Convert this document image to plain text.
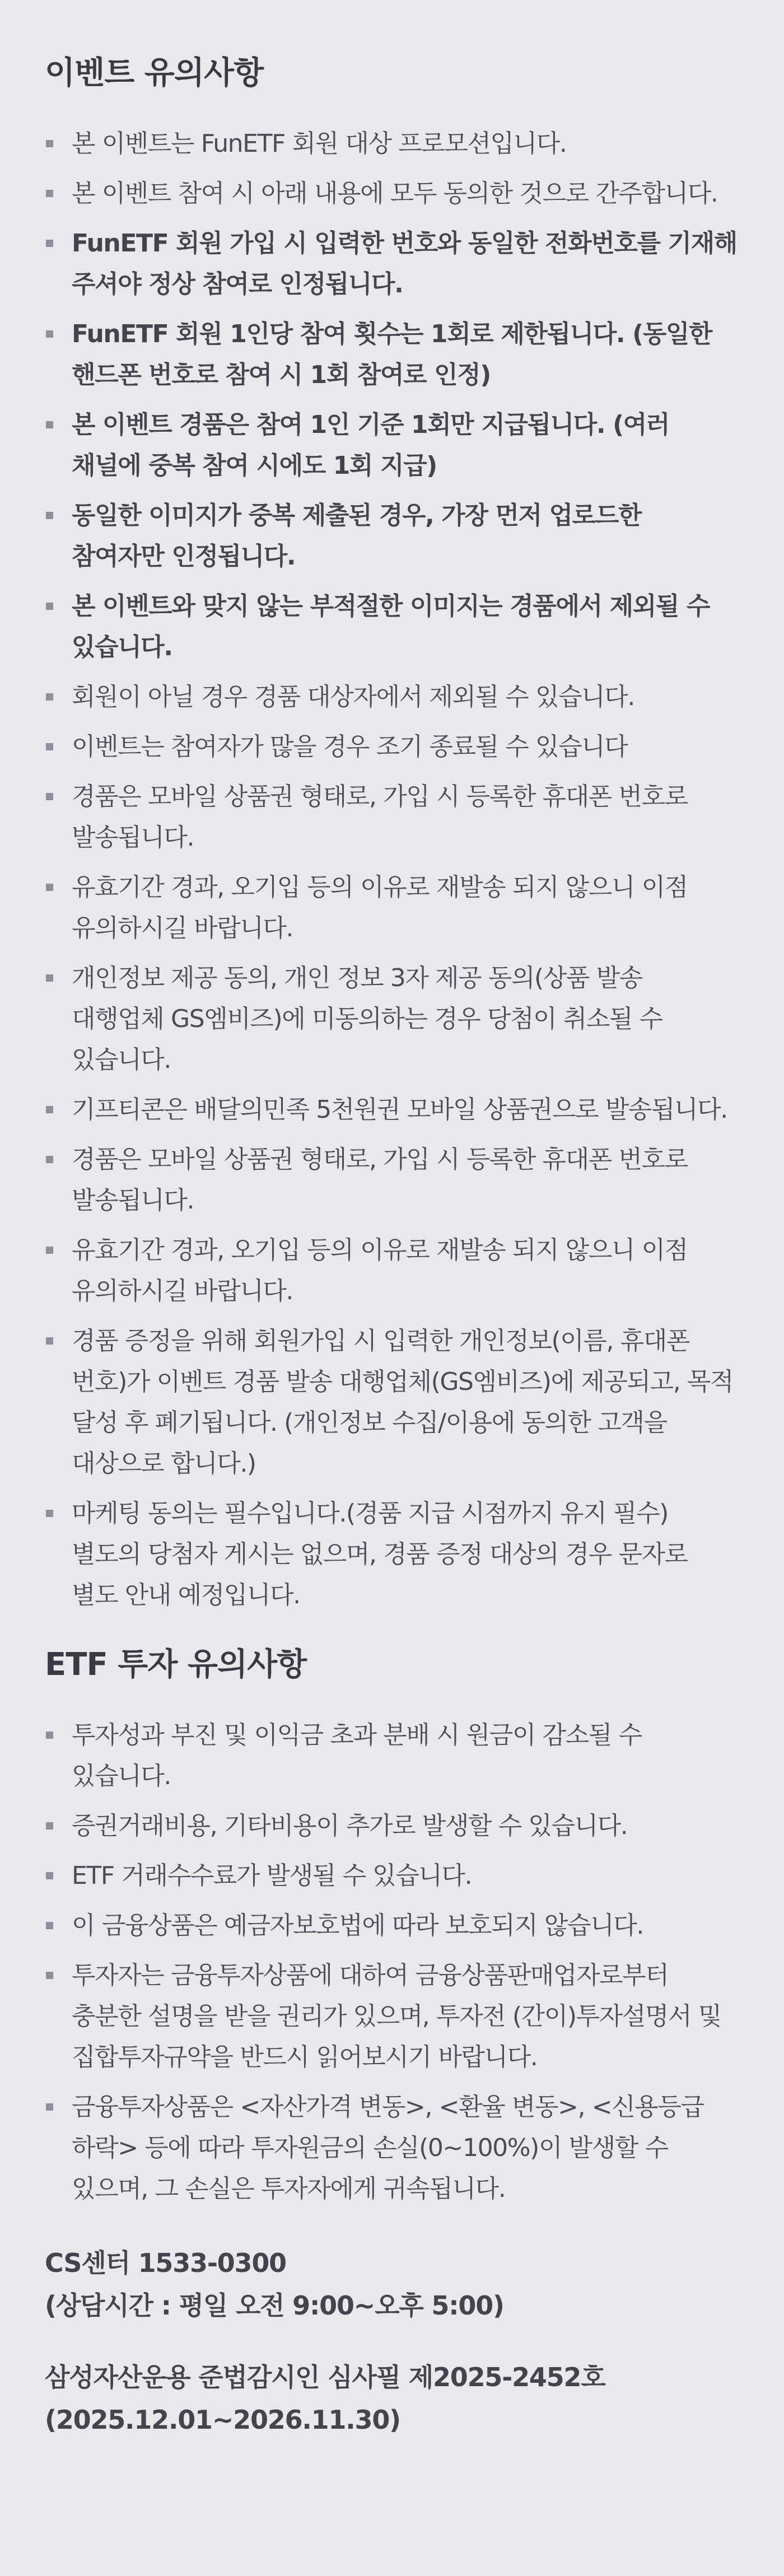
이벤트 유의사항
본 이벤트는 FunETF 회원 대상 프로모션입니다.
본 이벤트 참여 시 아래 내용에 모두 동의한 것으로 간주합니다.
FunETF 회원 가입 시 입력한 번호와 동일한 전화번호를 기재해 주셔야 정상 참여로 인정됩니다.
FunETF 회원 1인당 참여 횟수는 1회로 제한됩니다. (동일한 핸드폰 번호로 참여 시 1회 참여로 인정)
본 이벤트 경품은 참여 1인 기준 1회만 지급됩니다. (여러 채널에 중복 참여 시에도 1회 지급)
동일한 이미지가 중복 제출된 경우, 가장 먼저 업로드한 참여자만 인정됩니다.
본 이벤트와 맞지 않는 부적절한 이미지는 경품에서 제외될 수 있습니다.
회원이 아닐 경우 경품 대상자에서 제외될 수 있습니다.
이벤트는 참여자가 많을 경우 조기 종료될 수 있습니다
경품은 모바일 상품권 형태로, 가입 시 등록한 휴대폰 번호로 발송됩니다.
유효기간 경과, 오기입 등의 이유로 재발송 되지 않으니 이점 유의하시길 바랍니다.
개인정보 제공 동의, 개인 정보 3자 제공 동의(상품 발송 대행업체 GS엠비즈)에 미동의하는 경우 당첨이 취소될 수 있습니다.
기프티콘은 배달의민족 5천원권 모바일 상품권으로 발송됩니다.
경품은 모바일 상품권 형태로, 가입 시 등록한 휴대폰 번호로 발송됩니다.
유효기간 경과, 오기입 등의 이유로 재발송 되지 않으니 이점 유의하시길 바랍니다.
경품 증정을 위해 회원가입 시 입력한 개인정보(이름, 휴대폰 번호)가 이벤트 경품 발송 대행업체(GS엠비즈)에 제공되고, 목적 달성 후 폐기됩니다. (개인정보 수집/이용에 동의한 고객을 대상으로 합니다.)
마케팅 동의는 필수입니다.(경품 지급 시점까지 유지 필수) 별도의 당첨자 게시는 없으며, 경품 증정 대상의 경우 문자로 별도 안내 예정입니다.
ETF 투자 유의사항
투자성과 부진 및 이익금 초과 분배 시 원금이 감소될 수 있습니다.
증권거래비용, 기타비용이 추가로 발생할 수 있습니다.
ETF 거래수수료가 발생될 수 있습니다.
이 금융상품은 예금자보호법에 따라 보호되지 않습니다.
투자자는 금융투자상품에 대하여 금융상품판매업자로부터 충분한 설명을 받을 권리가 있으며, 투자전 (간이)투자설명서 및 집합투자규약을 반드시 읽어보시기 바랍니다.
금융투자상품은 <자산가격 변동>, <환율 변동>, <신용등급 하락> 등에 따라 투자원금의 손실(0~100%)이 발생할 수 있으며, 그 손실은 투자자에게 귀속됩니다.
CS센터 1533-0300
(상담시간 : 평일 오전 9:00~오후 5:00)
삼성자산운용 준법감시인 심사필 제2025-2452호
(2025.12.01~2026.11.30)
